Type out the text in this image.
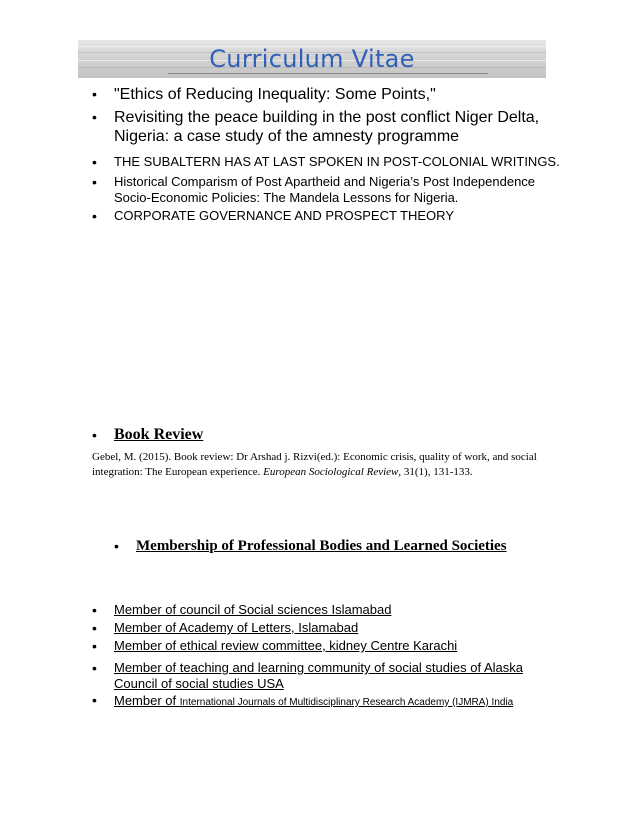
Curriculum Vitae
• "Ethics of Reducing Inequality: Some Points,"
• Revisiting the peace building in the post conflict Niger Delta, Nigeria: a case study of the amnesty programme
• THE SUBALTERN HAS AT LAST SPOKEN IN POST-COLONIAL WRITINGS.
• Historical Comparism of Post Apartheid and Nigeria’s Post Independence Socio-Economic Policies: The Mandela Lessons for Nigeria.
• CORPORATE GOVERNANCE AND PROSPECT THEORY
• Book Review
Gebel, M. (2015). Book review: Dr Arshad j. Rizvi(ed.): Economic crisis, quality of work, and social integration: The European experience. European Sociological Review, 31(1), 131-133.
• Membership of Professional Bodies and Learned Societies
• Member of council of Social sciences Islamabad
• Member of Academy of Letters, Islamabad
• Member of ethical review committee, kidney Centre Karachi
• Member of teaching and learning community of social studies of Alaska Council of social studies USA
• Member of International Journals of Multidisciplinary Research Academy (IJMRA) India
